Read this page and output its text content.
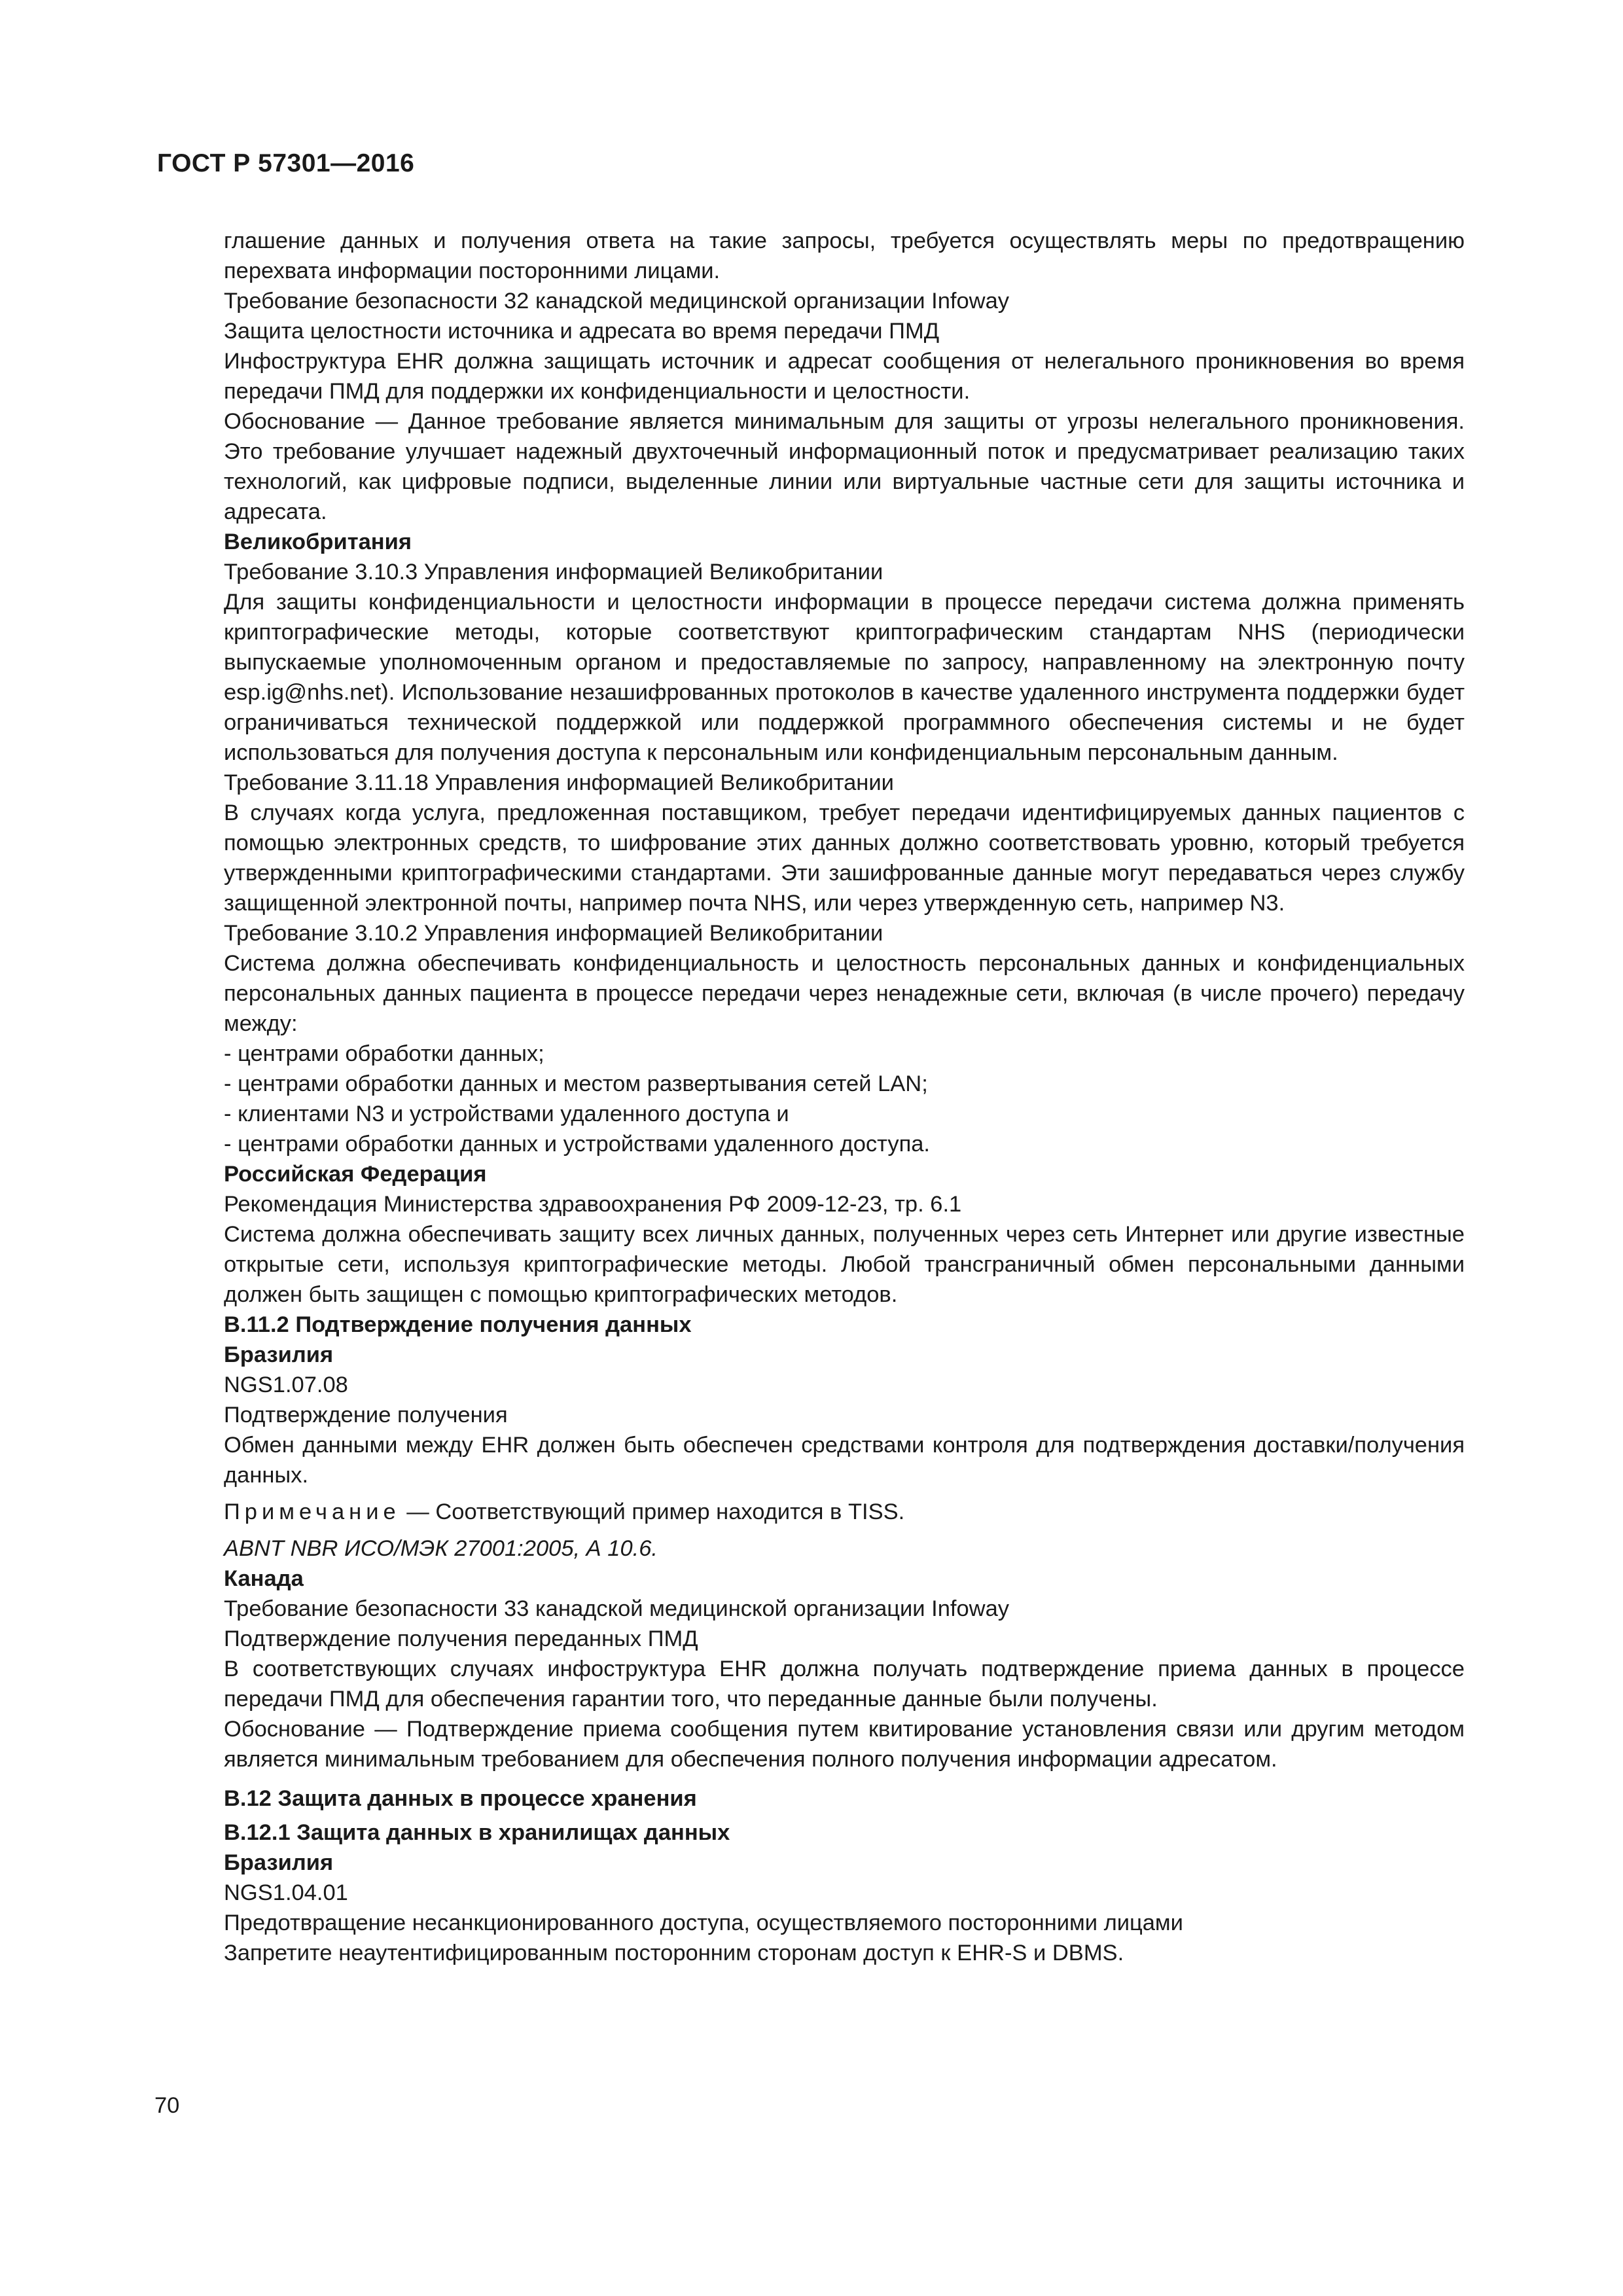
ГОСТ Р 57301—2016

глашение данных и получения ответа на такие запросы, требуется осуществлять меры по предотвращению перехвата информации посторонними лицами.

Требование безопасности 32 канадской медицинской организации Infoway

Защита целостности источника и адресата во время передачи ПМД

Инфоструктура EHR должна защищать источник и адресат сообщения от нелегального проникновения во время передачи ПМД для поддержки их конфиденциальности и целостности.

Обоснование — Данное требование является минимальным для защиты от угрозы нелегального проникновения. Это требование улучшает надежный двухточечный информационный поток и предусматривает реализацию таких технологий, как цифровые подписи, выделенные линии или виртуальные частные сети для защиты источника и адресата.

Великобритания

Требование 3.10.3 Управления информацией Великобритании

Для защиты конфиденциальности и целостности информации в процессе передачи система должна применять криптографические методы, которые соответствуют криптографическим стандартам NHS (периодически выпускаемые уполномоченным органом и предоставляемые по запросу, направленному на электронную почту esp.ig@nhs.net). Использование незашифрованных протоколов в качестве удаленного инструмента поддержки будет ограничиваться технической поддержкой или поддержкой программного обеспечения системы и не будет использоваться для получения доступа к персональным или конфиденциальным персональным данным.

Требование 3.11.18 Управления информацией Великобритании

В случаях когда услуга, предложенная поставщиком, требует передачи идентифицируемых данных пациентов с помощью электронных средств, то шифрование этих данных должно соответствовать уровню, который требуется утвержденными криптографическими стандартами. Эти зашифрованные данные могут передаваться через службу защищенной электронной почты, например почта NHS, или через утвержденную сеть, например N3.

Требование 3.10.2 Управления информацией Великобритании

Система должна обеспечивать конфиденциальность и целостность персональных данных и конфиденциальных персональных данных пациента в процессе передачи через ненадежные сети, включая (в числе прочего) передачу между:

- центрами обработки данных;

- центрами обработки данных и местом развертывания сетей LAN;

- клиентами N3 и устройствами удаленного доступа и

- центрами обработки данных и устройствами удаленного доступа.

Российская Федерация

Рекомендация Министерства здравоохранения РФ 2009-12-23, тр. 6.1

Система должна обеспечивать защиту всех личных данных, полученных через сеть Интернет или другие известные открытые сети, используя криптографические методы. Любой трансграничный обмен персональными данными должен быть защищен с помощью криптографических методов.

В.11.2 Подтверждение получения данных

Бразилия

NGS1.07.08

Подтверждение получения

Обмен данными между EHR должен быть обеспечен средствами контроля для подтверждения доставки/получения данных.

Примечание — Соответствующий пример находится в TISS.

ABNT NBR ИСО/МЭК 27001:2005, А 10.6.

Канада

Требование безопасности 33 канадской медицинской организации Infoway

Подтверждение получения переданных ПМД

В соответствующих случаях инфоструктура EHR должна получать подтверждение приема данных в процессе передачи ПМД для обеспечения гарантии того, что переданные данные были получены.

Обоснование — Подтверждение приема сообщения путем квитирование установления связи или другим методом является минимальным требованием для обеспечения полного получения информации адресатом.

В.12 Защита данных в процессе хранения

В.12.1 Защита данных в хранилищах данных

Бразилия

NGS1.04.01

Предотвращение несанкционированного доступа, осуществляемого посторонними лицами

Запретите неаутентифицированным посторонним сторонам доступ к EHR-S и DBMS.

70
